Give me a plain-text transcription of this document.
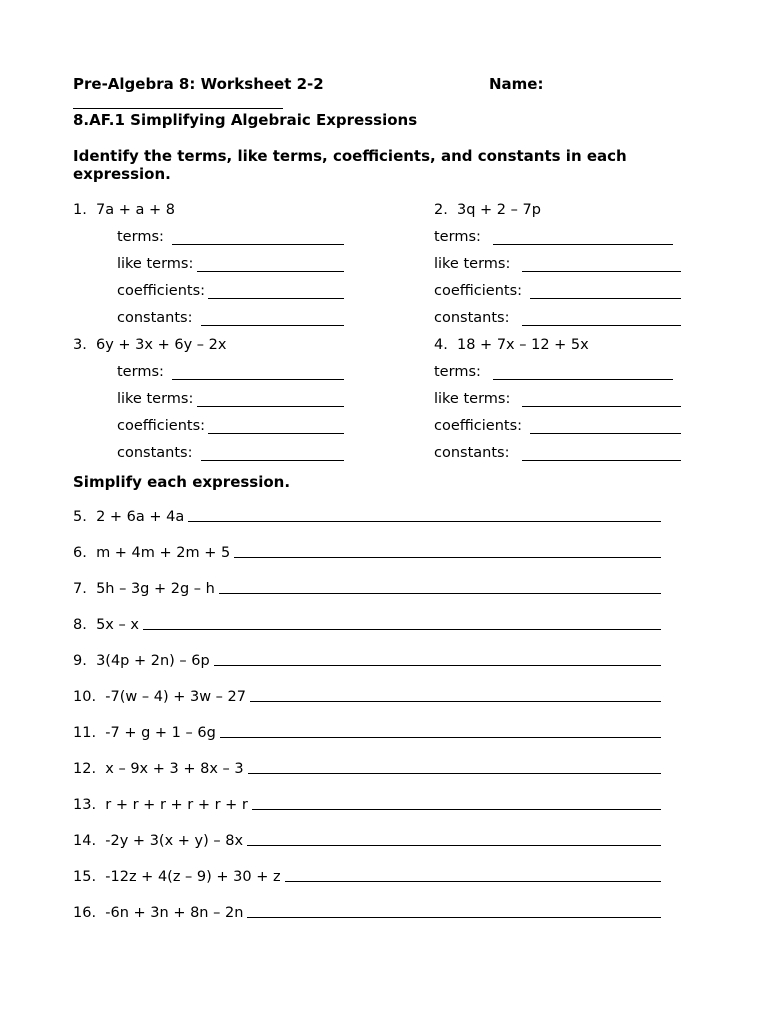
Pre-Algebra 8: Worksheet 2-2	Name:
8.AF.1 Simplifying Algebraic Expressions
Identify the terms, like terms, coefficients, and constants in each
expression.
1. 7a + a + 8
terms:
like terms:
coefficients:
constants:
2. 3q + 2 – 7p
terms:
like terms:
coefficients:
constants:
3. 6y + 3x + 6y – 2x
terms:
like terms:
coefficients:
constants:
4. 18 + 7x – 12 + 5x
terms:
like terms:
coefficients:
constants:
Simplify each expression.
5. 2 + 6a + 4a
6. m + 4m + 2m + 5
7. 5h – 3g + 2g – h
8. 5x – x
9. 3(4p + 2n) – 6p
10. -7(w – 4) + 3w – 27
11. -7 + g + 1 – 6g
12. x – 9x + 3 + 8x – 3
13. r + r + r + r + r + r
14. -2y + 3(x + y) – 8x
15. -12z + 4(z – 9) + 30 + z
16. -6n + 3n + 8n – 2n
